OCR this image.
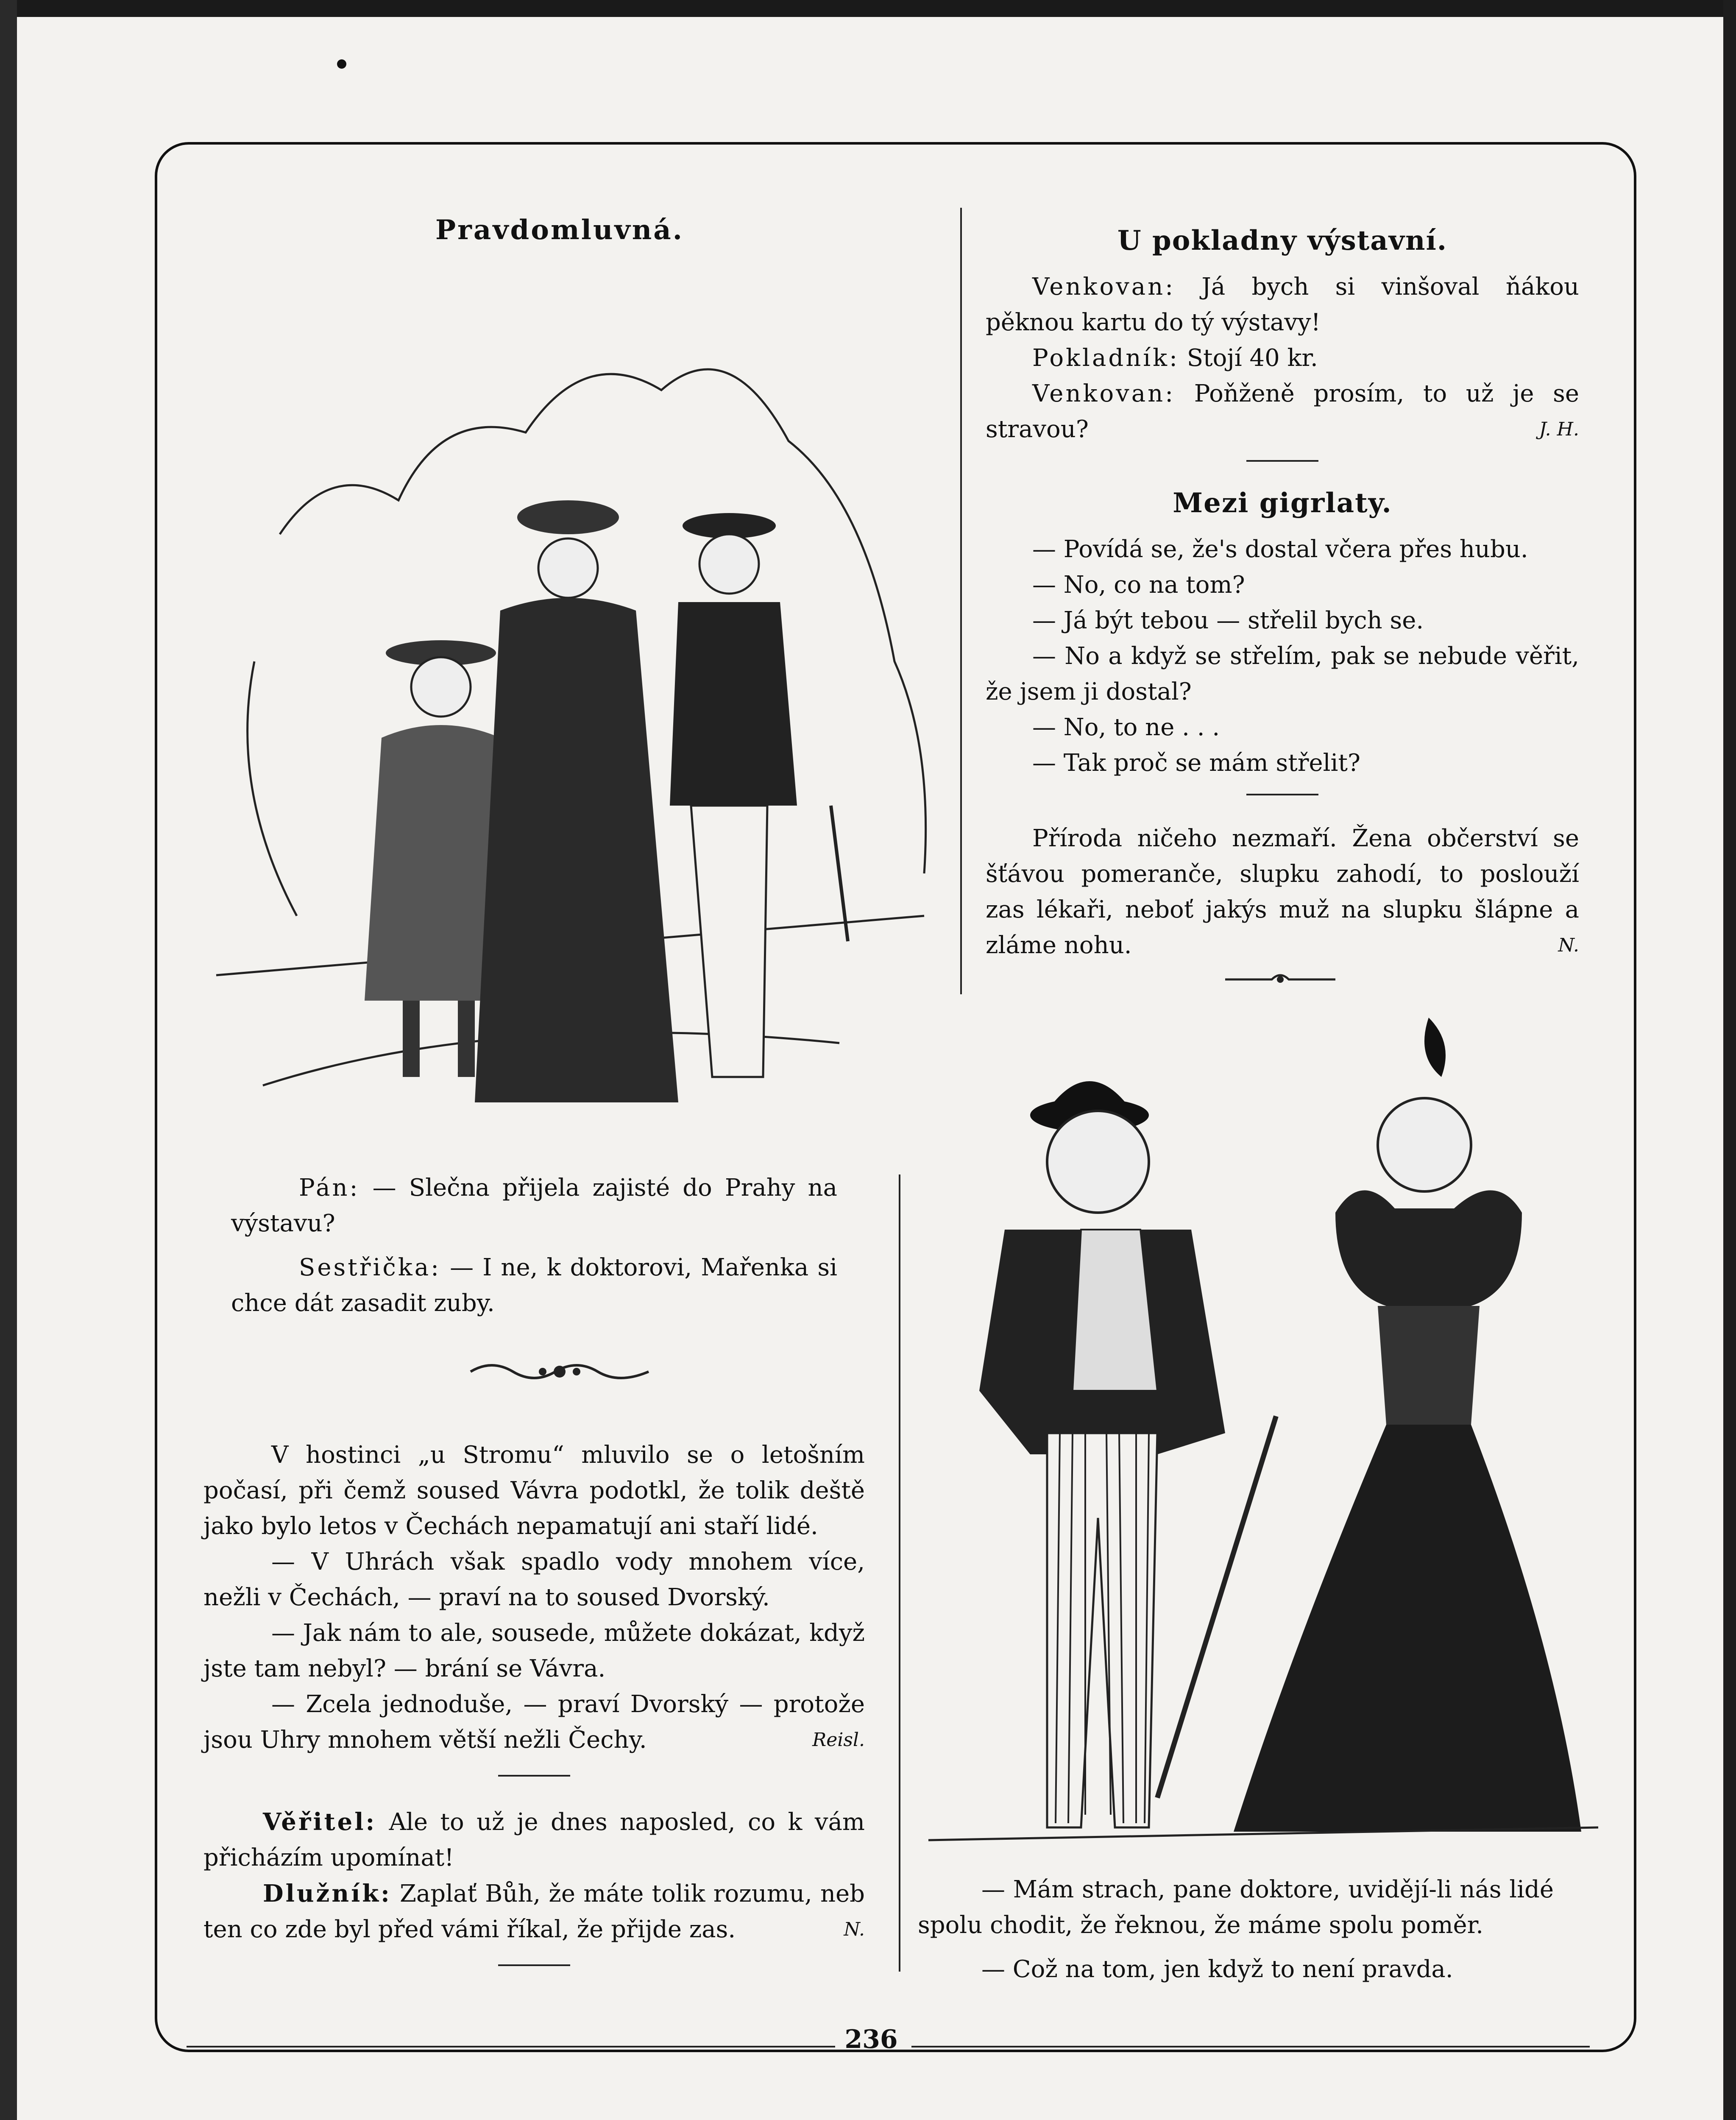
Pravdomluvná.

Pán: — Slečna přijela zajisté do Prahy na výstavu?

Sestřička: — I ne, k doktorovi, Mařenka si chce dát zasadit zuby.

V hostinci „u Stromu“ mluvilo se o letošním počasí, při čemž soused Vávra podotkl, že tolik deště jako bylo letos v Čechách nepamatují ani staří lidé.

— V Uhrách však spadlo vody mnohem více, nežli v Čechách, — praví na to soused Dvorský.

— Jak nám to ale, sousede, můžete dokázat, když jste tam nebyl? — brání se Vávra.

— Zcela jednoduše, — praví Dvorský — protože jsou Uhry mnohem větší nežli Čechy.	Reisl.

Věřitel: Ale to už je dnes naposled, co k vám přicházím upomínat!

Dlužník: Zaplať Bůh, že máte tolik rozumu, neb ten co zde byl před vámi říkal, že přijde zas.	N.

U pokladny výstavní.

Venkovan: Já bych si vinšoval ňákou pěknou kartu do tý výstavy!

Pokladník: Stojí 40 kr.

Venkovan: Poňženě prosím, to už je se stravou?	J. H.

Mezi gigrlaty.

— Povídá se, že's dostal včera přes hubu.

— No, co na tom?

— Já být tebou — střelil bych se.

— No a když se střelím, pak se nebude věřit, že jsem ji dostal?

— No, to ne . . .

— Tak proč se mám střelit?

Příroda ničeho nezmaří. Žena občerství se šťávou pomeranče, slupku zahodí, to poslouží zas lékaři, neboť jakýs muž na slupku šlápne a zláme nohu.	N.

— Mám strach, pane doktore, uvidějí-li nás lidé spolu chodit, že řeknou, že máme spolu poměr.

— Což na tom, jen když to není pravda.

236
